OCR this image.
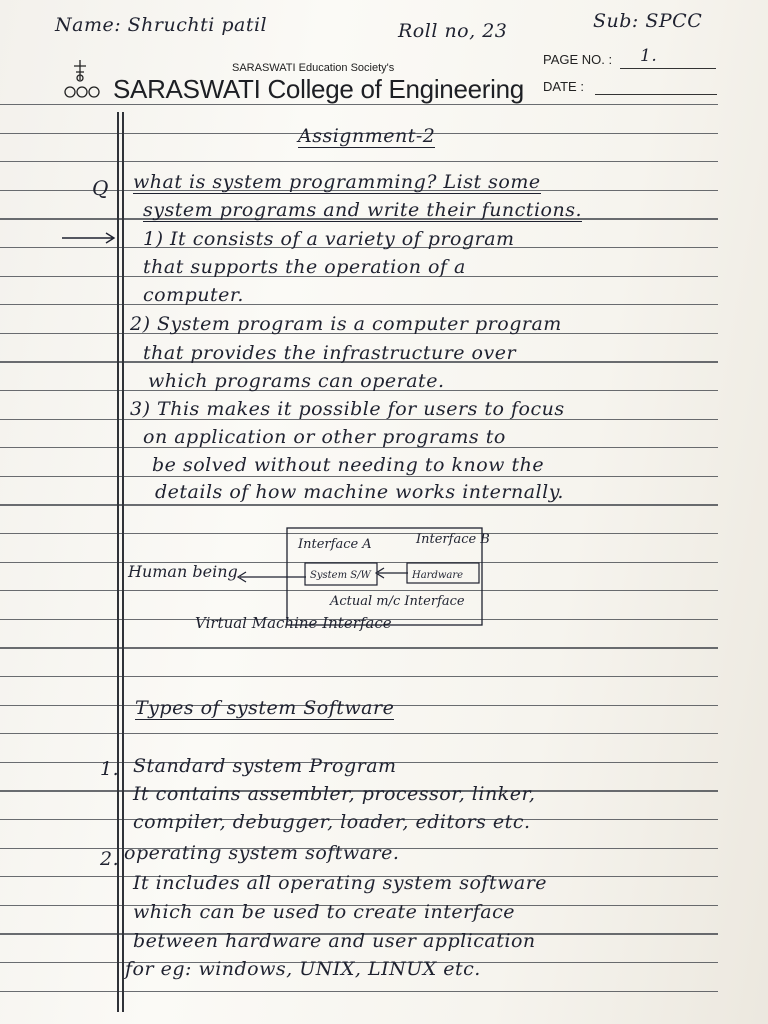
Name: Shruchti patil	Roll no, 23	Sub: SPCC
SARASWATI Education Society's
SARASWATI College of Engineering
PAGE NO. : 1.
DATE :
Assignment-2
Q what is system programming? List some
system programs and write their functions.
1) It consists of a variety of program
that supports the operation of a
computer.
2) System program is a computer program
that provides the infrastructure over
which programs can operate.
3) This makes it possible for users to focus
on application or other programs to
be solved without needing to know the
details of how machine works internally.
Interface A	Interface B
Human being	System S/W	Hardware
Actual m/c Interface
Virtual Machine Interface
Types of system Software
1. Standard system Program
It contains assembler, processor, linker,
compiler, debugger, loader, editors etc.
2. operating system software.
It includes all operating system software
which can be used to create interface
between hardware and user application
for eg: windows, UNIX, LINUX etc.
